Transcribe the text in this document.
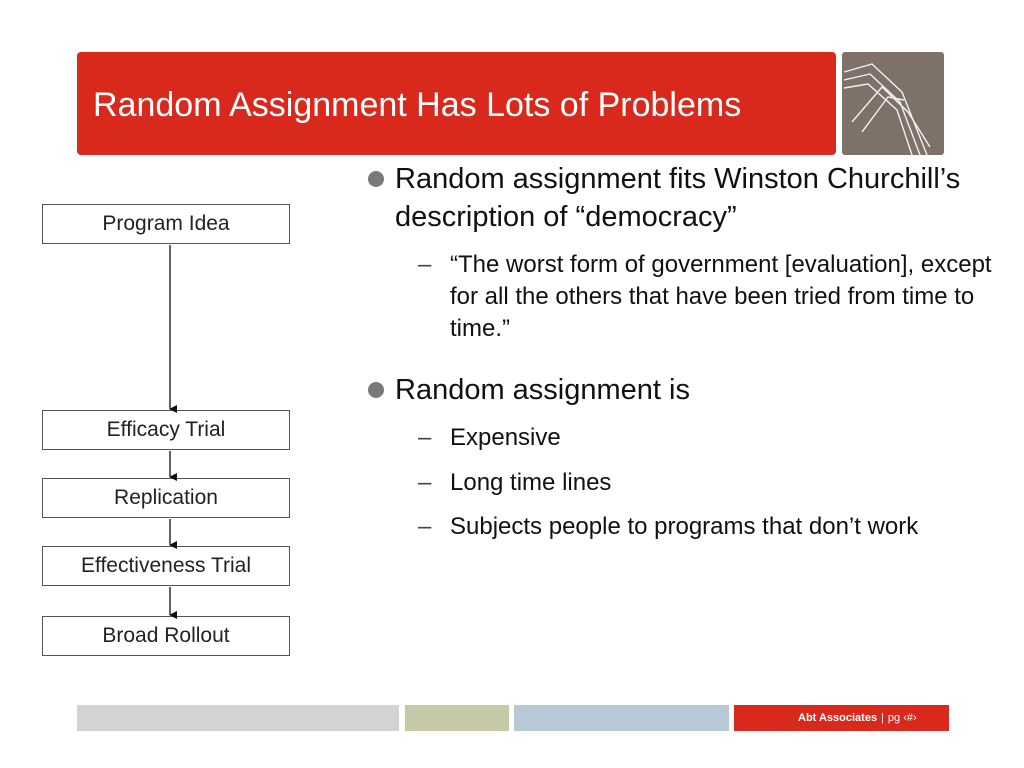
Random Assignment Has Lots of Problems
Program Idea
Efficacy Trial
Replication
Effectiveness Trial
Broad Rollout
Random assignment fits Winston Churchill’s description of “democracy”
– “The worst form of government [evaluation], except for all the others that have been tried from time to time.”
Random assignment is
– Expensive
– Long time lines
– Subjects people to programs that don’t work
Abt Associates | pg ‹#›
